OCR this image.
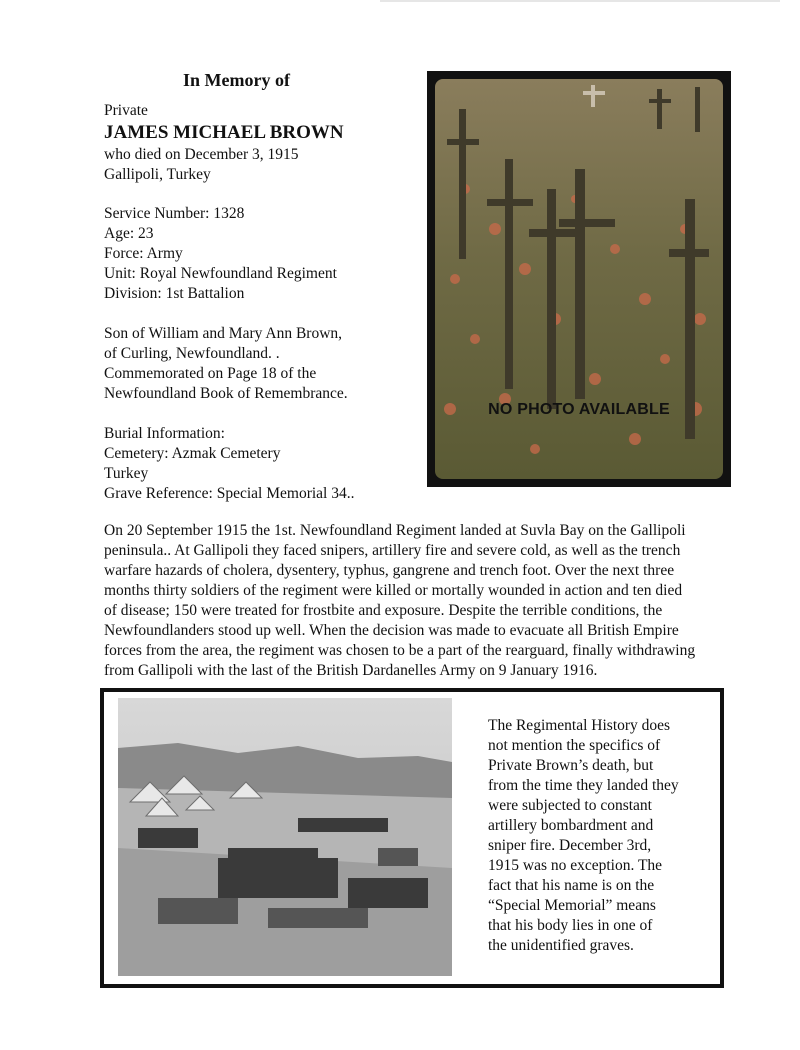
In Memory of
Private
JAMES MICHAEL BROWN
who died on December 3, 1915
Gallipoli, Turkey
Service Number: 1328
Age: 23
Force: Army
Unit: Royal Newfoundland Regiment
Division: 1st Battalion
Son of William and Mary Ann Brown,
of Curling, Newfoundland. .
Commemorated on Page 18 of the
Newfoundland Book of Remembrance.
Burial Information:
Cemetery: Azmak Cemetery
Turkey
Grave Reference: Special Memorial 34..
NO PHOTO AVAILABLE
On 20 September 1915 the 1st. Newfoundland Regiment landed at Suvla Bay on the Gallipoli
peninsula.. At Gallipoli they faced snipers, artillery fire and severe cold, as well as the trench
warfare hazards of cholera, dysentery, typhus, gangrene and trench foot. Over the next three
months thirty soldiers of the regiment were killed or mortally wounded in action and ten died
of disease; 150 were treated for frostbite and exposure. Despite the terrible conditions, the
Newfoundlanders stood up well. When the decision was made to evacuate all British Empire
forces from the area, the regiment was chosen to be a part of the rearguard, finally withdrawing
from Gallipoli with the last of the British Dardanelles Army on 9 January 1916.
The Regimental History does
not mention the specifics of
Private Brown’s death, but
from the time they landed they
were subjected to constant
artillery bombardment and
sniper fire. December 3rd,
1915 was no exception. The
fact that his name is on the
“Special Memorial” means
that his body lies in one of
the unidentified graves.
